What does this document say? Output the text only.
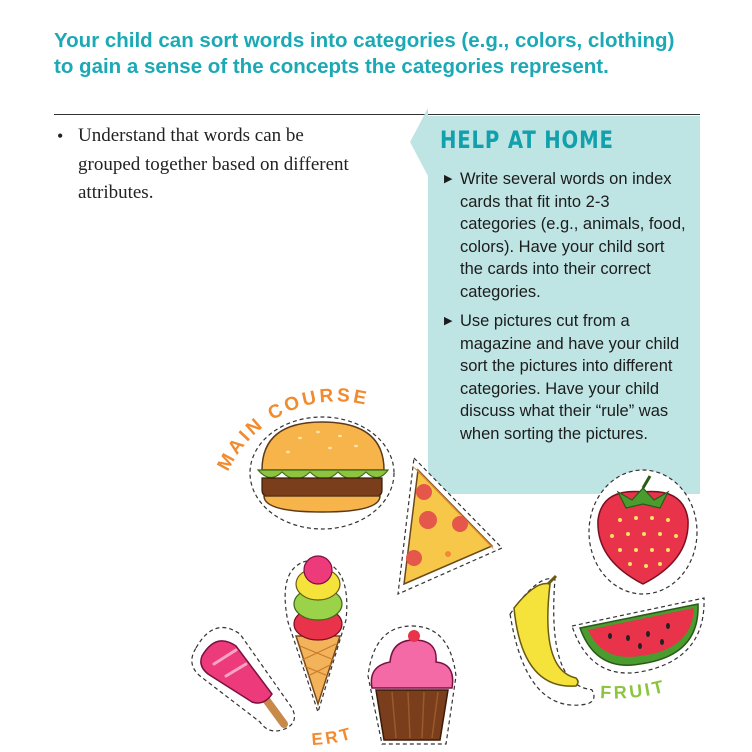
Your child can sort words into categories (e.g., colors, clothing) to gain a sense of the concepts the categories represent.
• Understand that words can be grouped together based on different attributes.
HELP AT HOME
▶ Write several words on index cards that fit into 2-3 categories (e.g., animals, food, colors). Have your child sort the cards into their correct categories.
▶ Use pictures cut from a magazine and have your child sort the pictures into different categories. Have your child discuss what their “rule” was when sorting the pictures.
MAIN COURSE
FRUIT
ERT
